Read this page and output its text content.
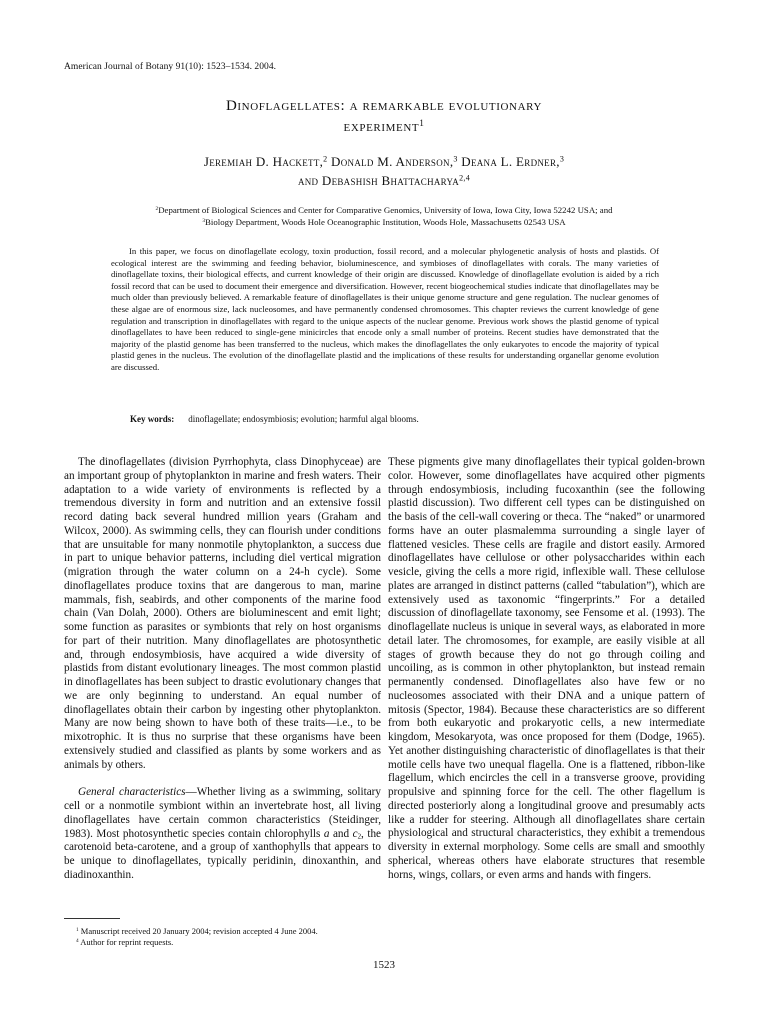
American Journal of Botany 91(10): 1523–1534. 2004.
Dinoflagellates: a remarkable evolutionary
experiment$^1$
Jeremiah D. Hackett,$^2$ Donald M. Anderson,$^3$ Deana L. Erdner,$^3$
and Debashish Bhattacharya$^{2,4}$
$^2$Department of Biological Sciences and Center for Comparative Genomics, University of Iowa, Iowa City, Iowa 52242 USA; and
$^3$Biology Department, Woods Hole Oceanographic Institution, Woods Hole, Massachusetts 02543 USA
In this paper, we focus on dinoflagellate ecology, toxin production, fossil record, and a molecular phylogenetic analysis of hosts and plastids. Of ecological interest are the swimming and feeding behavior, bioluminescence, and symbioses of dinoflagellates with corals. The many varieties of dinoflagellate toxins, their biological effects, and current knowledge of their origin are discussed. Knowledge of dinoflagellate evolution is aided by a rich fossil record that can be used to document their emergence and diversification. However, recent biogeochemical studies indicate that dinoflagellates may be much older than previously believed. A remarkable feature of dinoflagellates is their unique genome structure and gene regulation. The nuclear genomes of these algae are of enormous size, lack nucleosomes, and have permanently condensed chromosomes. This chapter reviews the current knowledge of gene regulation and transcription in dinoflagellates with regard to the unique aspects of the nuclear genome. Previous work shows the plastid genome of typical dinoflagellates to have been reduced to single-gene minicircles that encode only a small number of proteins. Recent studies have demonstrated that the majority of the plastid genome has been transferred to the nucleus, which makes the dinoflagellates the only eukaryotes to encode the majority of typical plastid genes in the nucleus. The evolution of the dinoflagellate plastid and the implications of these results for understanding organellar genome evolution are discussed.
Key words: dinoflagellate; endosymbiosis; evolution; harmful algal blooms.

The dinoflagellates (division Pyrrhophyta, class Dinophyceae) are an important group of phytoplankton in marine and fresh waters. Their adaptation to a wide variety of environments is reflected by a tremendous diversity in form and nutrition and an extensive fossil record dating back several hundred million years (Graham and Wilcox, 2000). As swimming cells, they can flourish under conditions that are unsuitable for many nonmotile phytoplankton, a success due in part to unique behavior patterns, including diel vertical migration (migration through the water column on a 24-h cycle). Some dinoflagellates produce toxins that are dangerous to man, marine mammals, fish, seabirds, and other components of the marine food chain (Van Dolah, 2000). Others are bioluminescent and emit light; some function as parasites or symbionts that rely on host organisms for part of their nutrition. Many dinoflagellates are photosynthetic and, through endosymbiosis, have acquired a wide diversity of plastids from distant evolutionary lineages. The most common plastid in dinoflagellates has been subject to drastic evolutionary changes that we are only beginning to understand. An equal number of dinoflagellates obtain their carbon by ingesting other phytoplankton. Many are now being shown to have both of these traits—i.e., to be mixotrophic. It is thus no surprise that these organisms have been extensively studied and classified as plants by some workers and as animals by others.

General characteristics—Whether living as a swimming, solitary cell or a nonmotile symbiont within an invertebrate host, all living dinoflagellates have certain common characteristics (Steidinger, 1983). Most photosynthetic species contain chlorophylls a and $c_2$, the carotenoid beta-carotene, and a group of xanthophylls that appears to be unique to dinoflagellates, typically peridinin, dinoxanthin, and diadinoxanthin.

These pigments give many dinoflagellates their typical golden-brown color. However, some dinoflagellates have acquired other pigments through endosymbiosis, including fucoxanthin (see the following plastid discussion). Two different cell types can be distinguished on the basis of the cell-wall covering or theca. The “naked” or unarmored forms have an outer plasmalemma surrounding a single layer of flattened vesicles. These cells are fragile and distort easily. Armored dinoflagellates have cellulose or other polysaccharides within each vesicle, giving the cells a more rigid, inflexible wall. These cellulose plates are arranged in distinct patterns (called “tabulation”), which are extensively used as taxonomic “fingerprints.” For a detailed discussion of dinoflagellate taxonomy, see Fensome et al. (1993). The dinoflagellate nucleus is unique in several ways, as elaborated in more detail later. The chromosomes, for example, are easily visible at all stages of growth because they do not go through coiling and uncoiling, as is common in other phytoplankton, but instead remain permanently condensed. Dinoflagellates also have few or no nucleosomes associated with their DNA and a unique pattern of mitosis (Spector, 1984). Because these characteristics are so different from both eukaryotic and prokaryotic cells, a new intermediate kingdom, Mesokaryota, was once proposed for them (Dodge, 1965). Yet another distinguishing characteristic of dinoflagellates is that their motile cells have two unequal flagella. One is a flattened, ribbon-like flagellum, which encircles the cell in a transverse groove, providing propulsive and spinning force for the cell. The other flagellum is directed posteriorly along a longitudinal groove and presumably acts like a rudder for steering. Although all dinoflagellates share certain physiological and structural characteristics, they exhibit a tremendous diversity in external morphology. Some cells are small and smoothly spherical, whereas others have elaborate structures that resemble horns, wings, collars, or even arms and hands with fingers.

$^1$ Manuscript received 20 January 2004; revision accepted 4 June 2004.
$^4$ Author for reprint requests.
1523
